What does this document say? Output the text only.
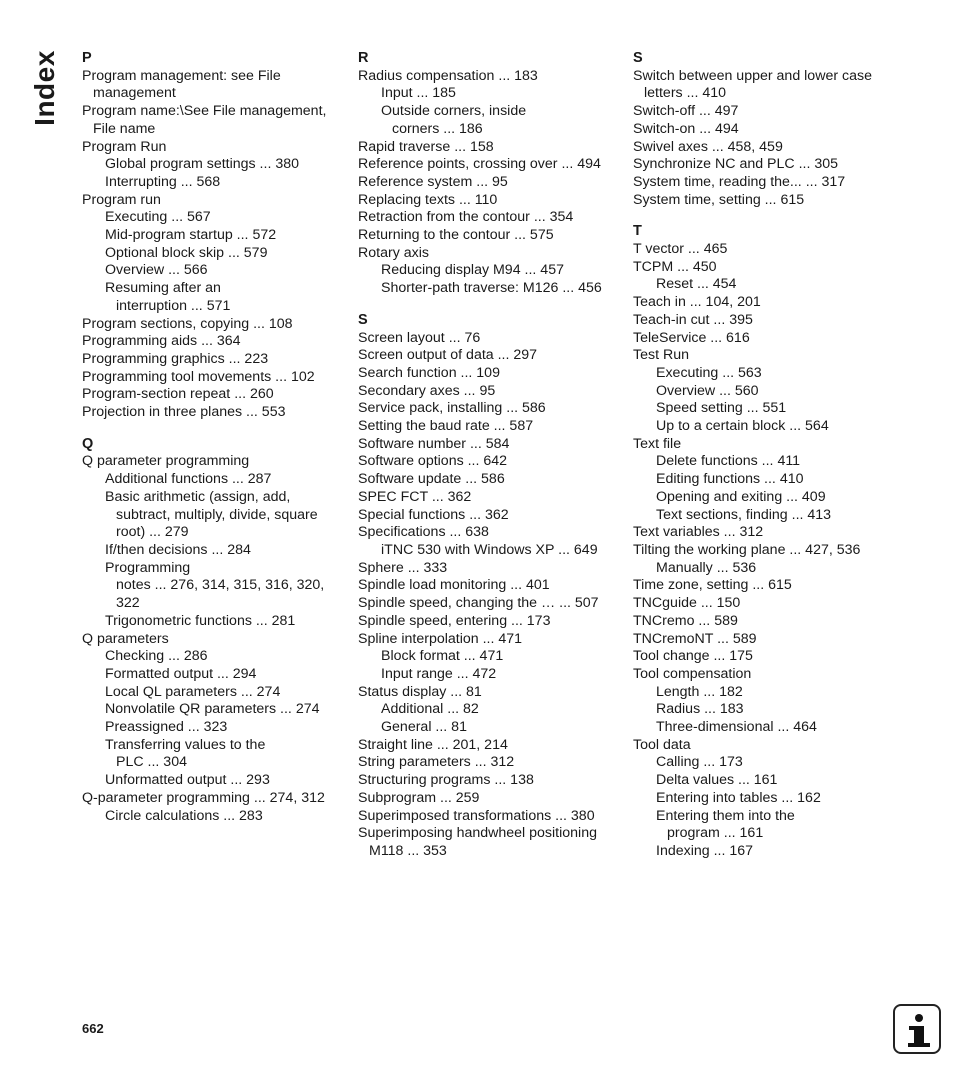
Index P
Program management: see File
management
Program name:\See File management,
File name
Program Run
Global program settings ... 380
Interrupting ... 568
Program run
Executing ... 567
Mid-program startup ... 572
Optional block skip ... 579
Overview ... 566
Resuming after an
interruption ... 571
Program sections, copying ... 108
Programming aids ... 364
Programming graphics ... 223
Programming tool movements ... 102
Program-section repeat ... 260
Projection in three planes ... 553
Q
Q parameter programming
Additional functions ... 287
Basic arithmetic (assign, add,
subtract, multiply, divide, square
root) ... 279
If/then decisions ... 284
Programming
notes ... 276, 314, 315, 316, 320,
322
Trigonometric functions ... 281
Q parameters
Checking ... 286
Formatted output ... 294
Local QL parameters ... 274
Nonvolatile QR parameters ... 274
Preassigned ... 323
Transferring values to the
PLC ... 304
Unformatted output ... 293
Q-parameter programming ... 274, 312
Circle calculations ... 283
R
Radius compensation ... 183
Input ... 185
Outside corners, inside
corners ... 186
Rapid traverse ... 158
Reference points, crossing over ... 494
Reference system ... 95
Replacing texts ... 110
Retraction from the contour ... 354
Returning to the contour ... 575
Rotary axis
Reducing display M94 ... 457
Shorter-path traverse: M126 ... 456
S
Screen layout ... 76
Screen output of data ... 297
Search function ... 109
Secondary axes ... 95
Service pack, installing ... 586
Setting the baud rate ... 587
Software number ... 584
Software options ... 642
Software update ... 586
SPEC FCT ... 362
Special functions ... 362
Specifications ... 638
iTNC 530 with Windows XP ... 649
Sphere ... 333
Spindle load monitoring ... 401
Spindle speed, changing the … ... 507
Spindle speed, entering ... 173
Spline interpolation ... 471
Block format ... 471
Input range ... 472
Status display ... 81
Additional ... 82
General ... 81
Straight line ... 201, 214
String parameters ... 312
Structuring programs ... 138
Subprogram ... 259
Superimposed transformations ... 380
Superimposing handwheel positioning
M118 ... 353
S
Switch between upper and lower case
letters ... 410
Switch-off ... 497
Switch-on ... 494
Swivel axes ... 458, 459
Synchronize NC and PLC ... 305
System time, reading the... ... 317
System time, setting ... 615
T
T vector ... 465
TCPM ... 450
Reset ... 454
Teach in ... 104, 201
Teach-in cut ... 395
TeleService ... 616
Test Run
Executing ... 563
Overview ... 560
Speed setting ... 551
Up to a certain block ... 564
Text file
Delete functions ... 411
Editing functions ... 410
Opening and exiting ... 409
Text sections, finding ... 413
Text variables ... 312
Tilting the working plane ... 427, 536
Manually ... 536
Time zone, setting ... 615
TNCguide ... 150
TNCremo ... 589
TNCremoNT ... 589
Tool change ... 175
Tool compensation
Length ... 182
Radius ... 183
Three-dimensional ... 464
Tool data
Calling ... 173
Delta values ... 161
Entering into tables ... 162
Entering them into the
program ... 161
Indexing ... 167
662
